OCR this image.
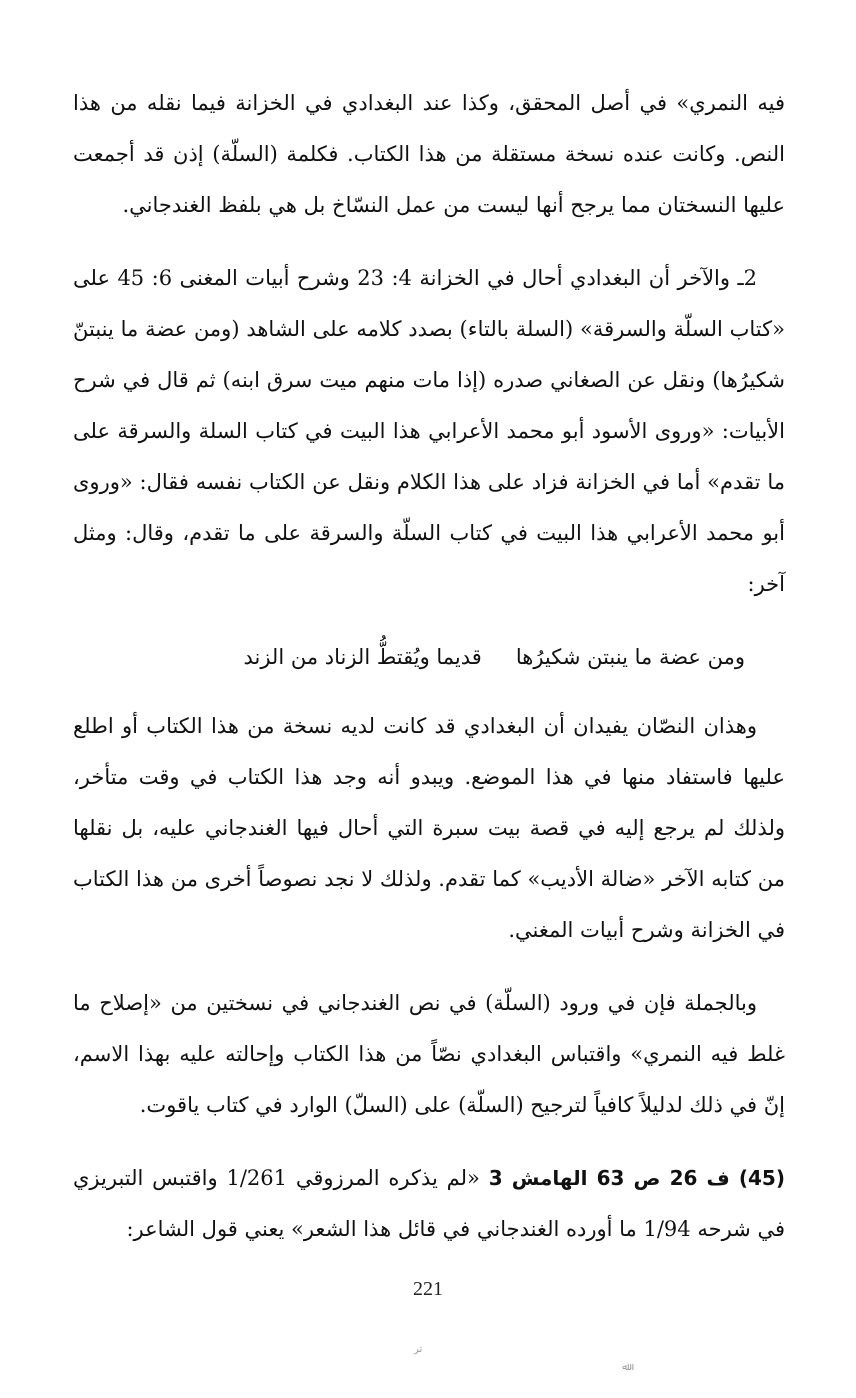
فيه النمري» في أصل المحقق، وكذا عند البغدادي في الخزانة فيما نقله من هذا النص. وكانت عنده نسخة مستقلة من هذا الكتاب. فكلمة (السلّة) إذن قد أجمعت عليها النسختان مما يرجح أنها ليست من عمل النسّاخ بل هي بلفظ الغندجاني.

2ـ والآخر أن البغدادي أحال في الخزانة 4: 23 وشرح أبيات المغنى 6: 45 على «كتاب السلّة والسرقة» (السلة بالتاء) بصدد كلامه على الشاهد (ومن عضة ما ينبتنّ شكيرُها) ونقل عن الصغاني صدره (إذا مات منهم ميت سرق ابنه) ثم قال في شرح الأبيات: «وروى الأسود أبو محمد الأعرابي هذا البيت في كتاب السلة والسرقة على ما تقدم» أما في الخزانة فزاد على هذا الكلام ونقل عن الكتاب نفسه فقال: «وروى أبو محمد الأعرابي هذا البيت في كتاب السلّة والسرقة على ما تقدم، وقال: ومثل آخر:

ومن عضة ما ينبتن شكيرُها
قديما ويُقتطُّ الزناد من الزند

وهذان النصّان يفيدان أن البغدادي قد كانت لديه نسخة من هذا الكتاب أو اطلع عليها فاستفاد منها في هذا الموضع. ويبدو أنه وجد هذا الكتاب في وقت متأخر، ولذلك لم يرجع إليه في قصة بيت سبرة التي أحال فيها الغندجاني عليه، بل نقلها من كتابه الآخر «ضالة الأديب» كما تقدم. ولذلك لا نجد نصوصاً أخرى من هذا الكتاب في الخزانة وشرح أبيات المغني.

وبالجملة فإن في ورود (السلّة) في نص الغندجاني في نسختين من «إصلاح ما غلط فيه النمري» واقتباس البغدادي نصّاً من هذا الكتاب وإحالته عليه بهذا الاسم، إنّ في ذلك لدليلاً كافياً لترجيح (السلّة) على (السلّ) الوارد في كتاب ياقوت.

(45) ف 26 ص 63 الهامش 3 «لم يذكره المرزوقي 1/261 واقتبس التبريزي في شرحه 1/94 ما أورده الغندجاني في قائل هذا الشعر» يعني قول الشاعر:

221
ﺗﺮ
ﷲ
